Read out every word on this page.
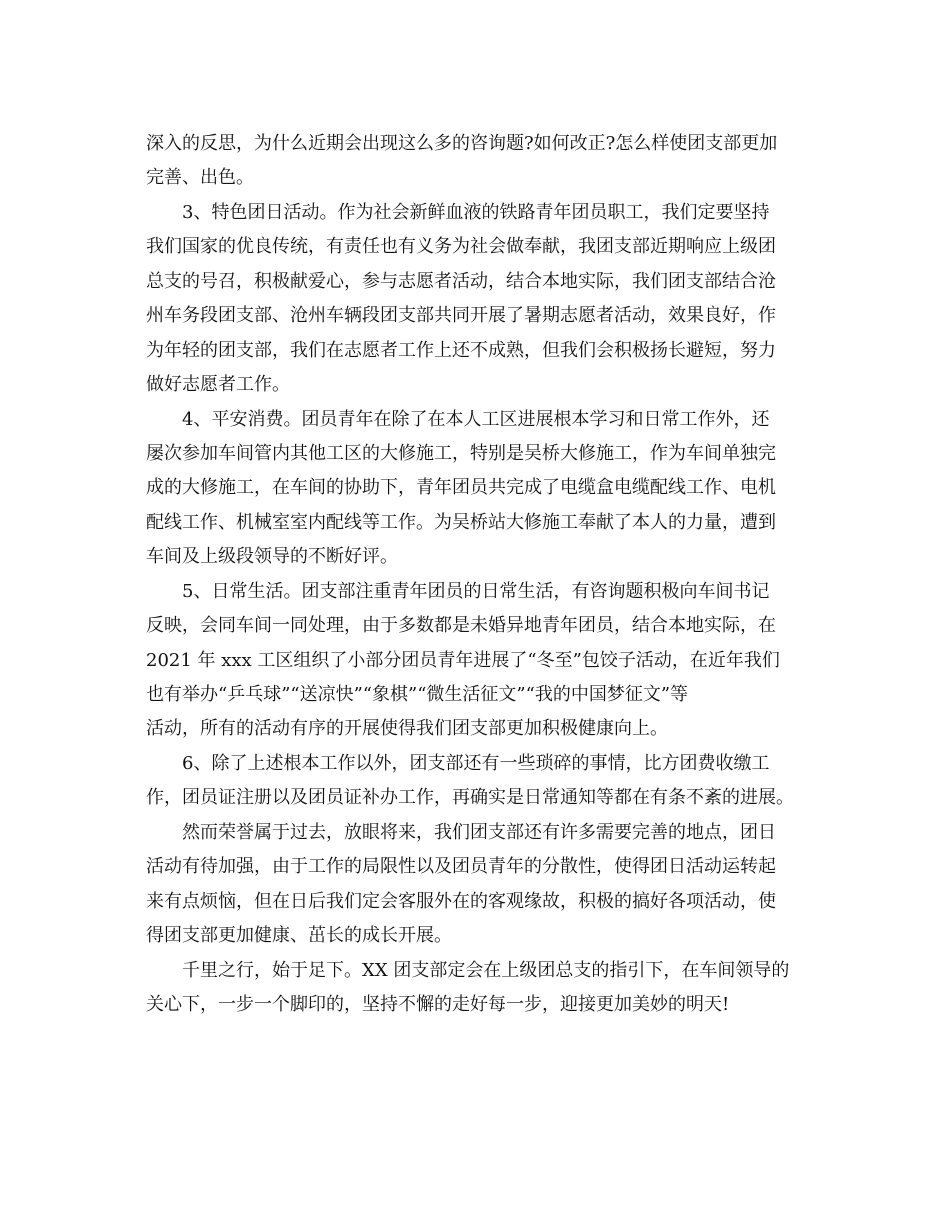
深入的反思，为什么近期会出现这么多的咨询题?如何改正?怎么样使团支部更加
完善、出色。
3、特色团日活动。作为社会新鲜血液的铁路青年团员职工，我们定要坚持
我们国家的优良传统，有责任也有义务为社会做奉献，我团支部近期响应上级团
总支的号召，积极献爱心，参与志愿者活动，结合本地实际，我们团支部结合沧
州车务段团支部、沧州车辆段团支部共同开展了暑期志愿者活动，效果良好，作
为年轻的团支部，我们在志愿者工作上还不成熟，但我们会积极扬长避短，努力
做好志愿者工作。
4、平安消费。团员青年在除了在本人工区进展根本学习和日常工作外，还
屡次参加车间管内其他工区的大修施工，特别是吴桥大修施工，作为车间单独完
成的大修施工，在车间的协助下，青年团员共完成了电缆盒电缆配线工作、电机
配线工作、机械室室内配线等工作。为吴桥站大修施工奉献了本人的力量，遭到
车间及上级段领导的不断好评。
5、日常生活。团支部注重青年团员的日常生活，有咨询题积极向车间书记
反映，会同车间一同处理，由于多数都是未婚异地青年团员，结合本地实际，在
2021 年 xxx 工区组织了小部分团员青年进展了“冬至”包饺子活动，在近年我们
也有举办“乒乓球”“送凉快”“象棋”“微生活征文”“我的中国梦征文”等
活动，所有的活动有序的开展使得我们团支部更加积极健康向上。
6、除了上述根本工作以外，团支部还有一些琐碎的事情，比方团费收缴工
作，团员证注册以及团员证补办工作，再确实是日常通知等都在有条不紊的进展。
然而荣誉属于过去，放眼将来，我们团支部还有许多需要完善的地点，团日
活动有待加强，由于工作的局限性以及团员青年的分散性，使得团日活动运转起
来有点烦恼，但在日后我们定会客服外在的客观缘故，积极的搞好各项活动，使
得团支部更加健康、茁长的成长开展。
千里之行，始于足下。XX 团支部定会在上级团总支的指引下，在车间领导的
关心下，一步一个脚印的，坚持不懈的走好每一步，迎接更加美妙的明天!
